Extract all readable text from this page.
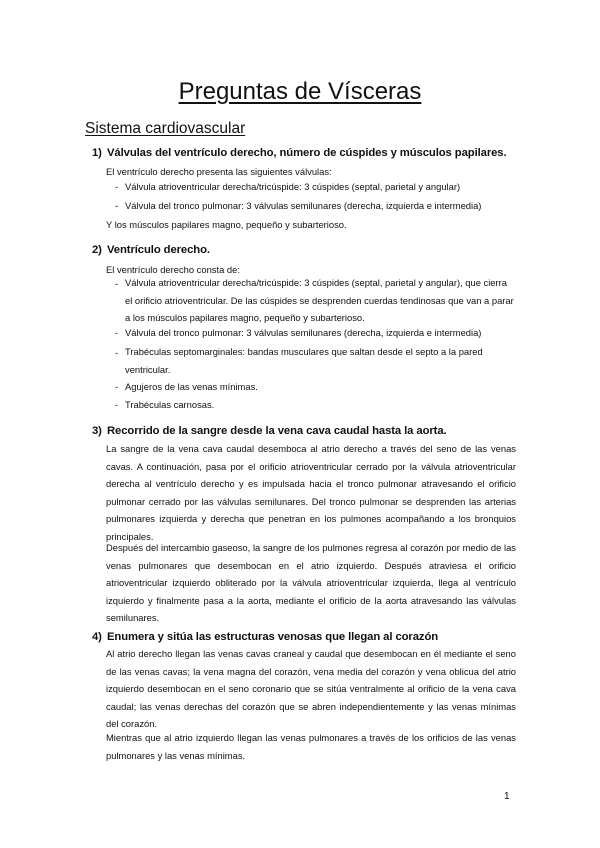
Preguntas de Vísceras
Sistema cardiovascular
1) Válvulas del ventrículo derecho, número de cúspides y músculos papilares.
El ventrículo derecho presenta las siguientes válvulas:
- Válvula atrioventricular derecha/tricúspide: 3 cúspides (septal, parietal y angular)
- Válvula del tronco pulmonar: 3 válvulas semilunares (derecha, izquierda e intermedia)
Y los músculos papilares magno, pequeño y subarterioso.
2) Ventrículo derecho.
El ventrículo derecho consta de:
- Válvula atrioventricular derecha/tricúspide: 3 cúspides (septal, parietal y angular), que cierra el orificio atrioventricular. De las cúspides se desprenden cuerdas tendinosas que van a parar a los músculos papilares magno, pequeño y subarterioso.
- Válvula del tronco pulmonar: 3 válvulas semilunares (derecha, izquierda e intermedia)
- Trabéculas septomarginales: bandas musculares que saltan desde el septo a la pared ventricular.
- Agujeros de las venas mínimas.
- Trabéculas carnosas.
3) Recorrido de la sangre desde la vena cava caudal hasta la aorta.
La sangre de la vena cava caudal desemboca al atrio derecho a través del seno de las venas cavas. A continuación, pasa por el orificio atrioventricular cerrado por la válvula atrioventricular derecha al ventrículo derecho y es impulsada hacia el tronco pulmonar atravesando el orificio pulmonar cerrado por las válvulas semilunares. Del tronco pulmonar se desprenden las arterias pulmonares izquierda y derecha que penetran en los pulmones acompañando a los bronquios principales.
Después del intercambio gaseoso, la sangre de los pulmones regresa al corazón por medio de las venas pulmonares que desembocan en el atrio izquierdo. Después atraviesa el orificio atrioventricular izquierdo obliterado por la válvula atrioventricular izquierda, llega al ventrículo izquierdo y finalmente pasa a la aorta, mediante el orificio de la aorta atravesando las válvulas semilunares.
4) Enumera y sitúa las estructuras venosas que llegan al corazón
Al atrio derecho llegan las venas cavas craneal y caudal que desembocan en él mediante el seno de las venas cavas; la vena magna del corazón, vena media del corazón y vena oblicua del atrio izquierdo desembocan en el seno coronario que se sitúa ventralmente al orificio de la vena cava caudal; las venas derechas del corazón que se abren independientemente y las venas mínimas del corazón.
Mientras que al atrio izquierdo llegan las venas pulmonares a través de los orificios de las venas pulmonares y las venas mínimas.
1
